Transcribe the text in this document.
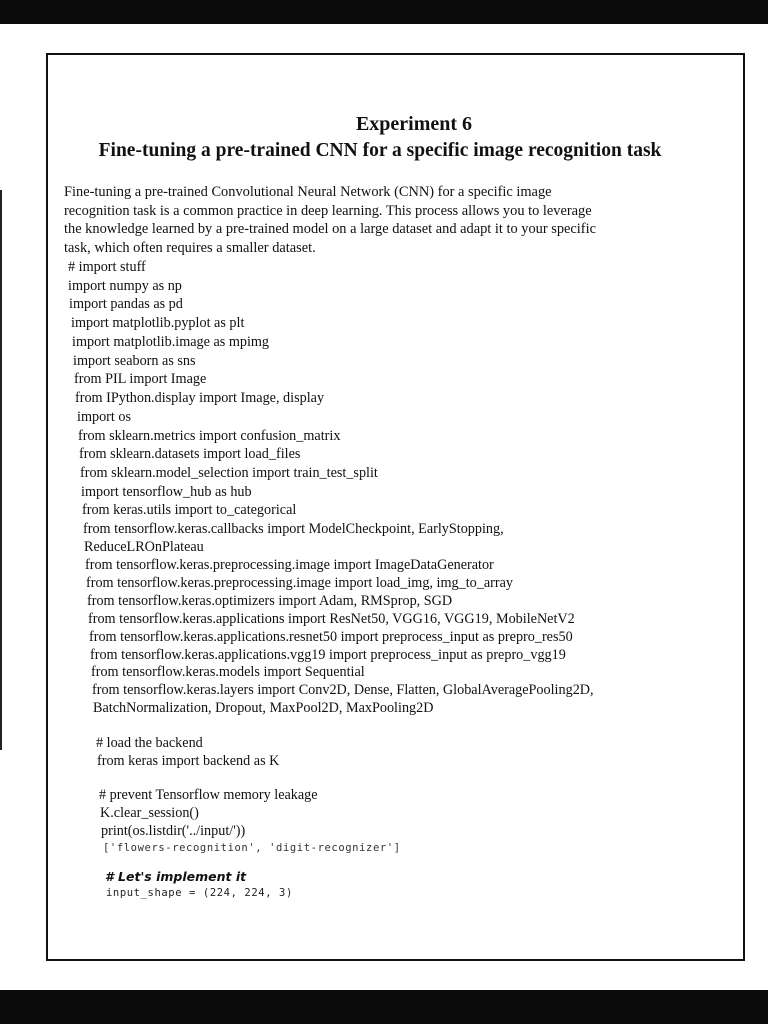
Experiment 6
Fine-tuning a pre-trained CNN for a specific image recognition task
Fine-tuning a pre-trained Convolutional Neural Network (CNN) for a specific image
recognition task is a common practice in deep learning. This process allows you to leverage
the knowledge learned by a pre-trained model on a large dataset and adapt it to your specific
task, which often requires a smaller dataset.
# import stuff
import numpy as np
import pandas as pd
import matplotlib.pyplot as plt
import matplotlib.image as mpimg
import seaborn as sns
from PIL import Image
from IPython.display import Image, display
import os
from sklearn.metrics import confusion_matrix
from sklearn.datasets import load_files
from sklearn.model_selection import train_test_split
import tensorflow_hub as hub
from keras.utils import to_categorical
from tensorflow.keras.callbacks import ModelCheckpoint, EarlyStopping,
ReduceLROnPlateau
from tensorflow.keras.preprocessing.image import ImageDataGenerator
from tensorflow.keras.preprocessing.image import load_img, img_to_array
from tensorflow.keras.optimizers import Adam, RMSprop, SGD
from tensorflow.keras.applications import ResNet50, VGG16, VGG19, MobileNetV2
from tensorflow.keras.applications.resnet50 import preprocess_input as prepro_res50
from tensorflow.keras.applications.vgg19 import preprocess_input as prepro_vgg19
from tensorflow.keras.models import Sequential
from tensorflow.keras.layers import Conv2D, Dense, Flatten, GlobalAveragePooling2D,
BatchNormalization, Dropout, MaxPool2D, MaxPooling2D
# load the backend
from keras import backend as K
# prevent Tensorflow memory leakage
K.clear_session()
print(os.listdir('../input/'))
['flowers-recognition', 'digit-recognizer']
# Let's implement it
input_shape = (224, 224, 3)
